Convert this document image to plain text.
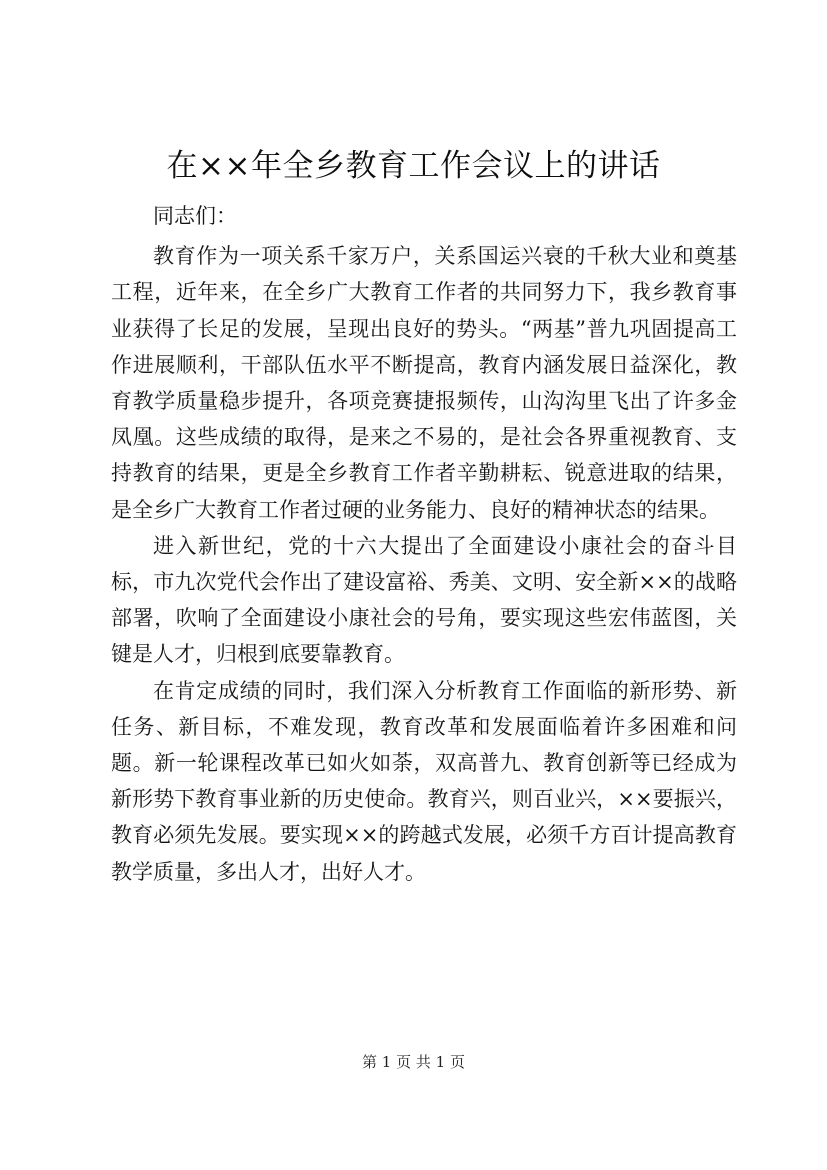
在××年全乡教育工作会议上的讲话

同志们：

教育作为一项关系千家万户，关系国运兴衰的千秋大业和奠基工程，近年来，在全乡广大教育工作者的共同努力下，我乡教育事业获得了长足的发展，呈现出良好的势头。“两基”普九巩固提高工作进展顺利，干部队伍水平不断提高，教育内涵发展日益深化，教育教学质量稳步提升，各项竞赛捷报频传，山沟沟里飞出了许多金凤凰。这些成绩的取得，是来之不易的，是社会各界重视教育、支持教育的结果，更是全乡教育工作者辛勤耕耘、锐意进取的结果，是全乡广大教育工作者过硬的业务能力、良好的精神状态的结果。

进入新世纪，党的十六大提出了全面建设小康社会的奋斗目标，市九次党代会作出了建设富裕、秀美、文明、安全新××的战略部署，吹响了全面建设小康社会的号角，要实现这些宏伟蓝图，关键是人才，归根到底要靠教育。

在肯定成绩的同时，我们深入分析教育工作面临的新形势、新任务、新目标，不难发现，教育改革和发展面临着许多困难和问题。新一轮课程改革已如火如荼，双高普九、教育创新等已经成为新形势下教育事业新的历史使命。教育兴，则百业兴，××要振兴，教育必须先发展。要实现××的跨越式发展，必须千方百计提高教育教学质量，多出人才，出好人才。

第 1 页 共 1 页
